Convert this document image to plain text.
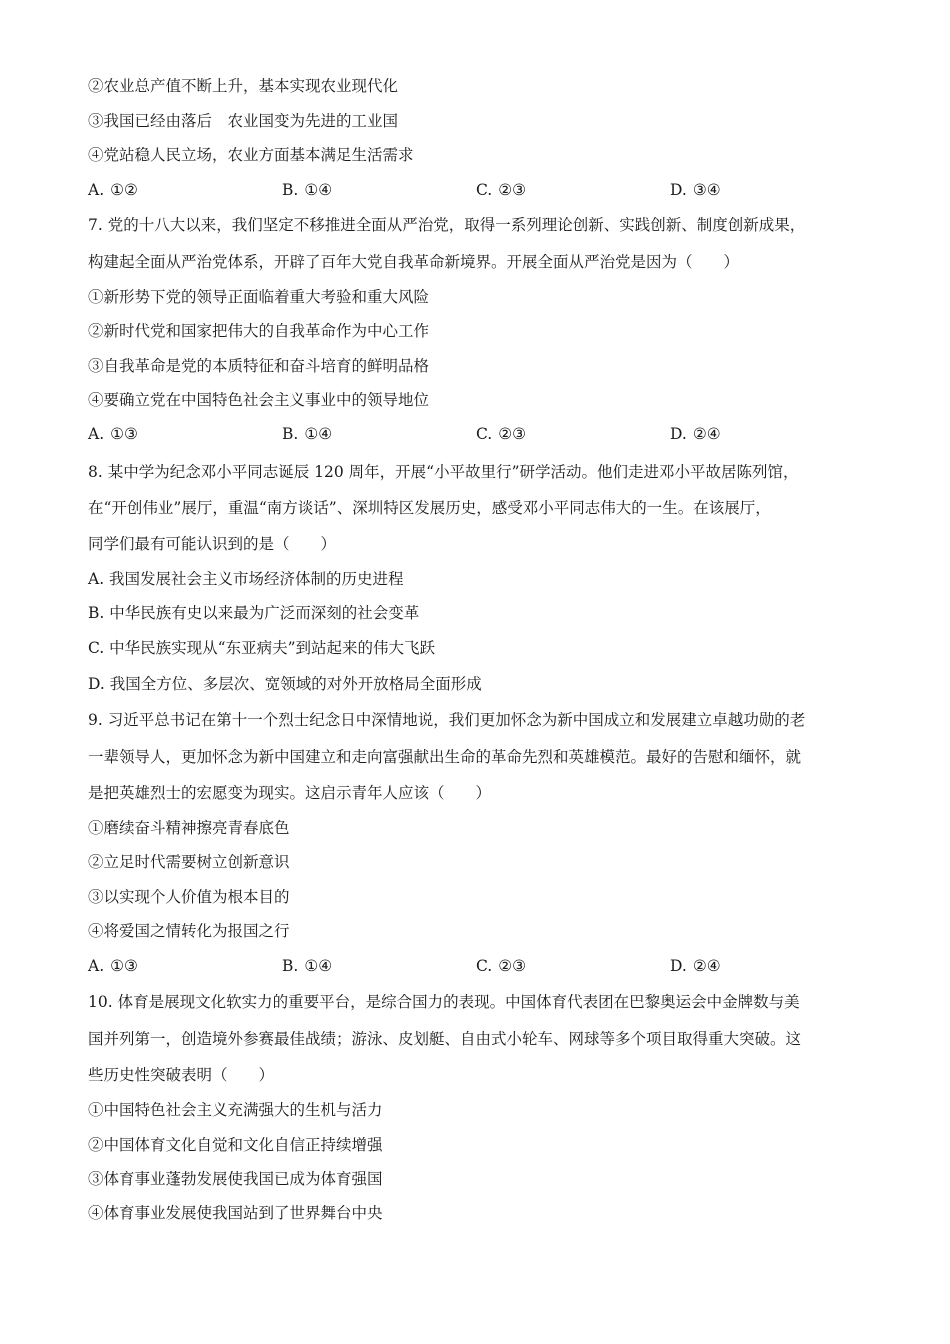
②农业总产值不断上升，基本实现农业现代化
③我国已经由落后　农业国变为先进的工业国
④党站稳人民立场，农业方面基本满足生活需求
A. ①②	B. ①④	C. ②③	D. ③④
7. 党的十八大以来，我们坚定不移推进全面从严治党，取得一系列理论创新、实践创新、制度创新成果，
构建起全面从严治党体系，开辟了百年大党自我革命新境界。开展全面从严治党是因为（　　）
①新形势下党的领导正面临着重大考验和重大风险
②新时代党和国家把伟大的自我革命作为中心工作
③自我革命是党的本质特征和奋斗培育的鲜明品格
④要确立党在中国特色社会主义事业中的领导地位
A. ①③	B. ①④	C. ②③	D. ②④
8. 某中学为纪念邓小平同志诞辰 120 周年，开展“小平故里行”研学活动。他们走进邓小平故居陈列馆，
在“开创伟业”展厅，重温“南方谈话”、深圳特区发展历史，感受邓小平同志伟大的一生。在该展厅，
同学们最有可能认识到的是（　　）
A. 我国发展社会主义市场经济体制的历史进程
B. 中华民族有史以来最为广泛而深刻的社会变革
C. 中华民族实现从“东亚病夫”到站起来的伟大飞跃
D. 我国全方位、多层次、宽领域的对外开放格局全面形成
9. 习近平总书记在第十一个烈士纪念日中深情地说，我们更加怀念为新中国成立和发展建立卓越功勋的老
一辈领导人，更加怀念为新中国建立和走向富强献出生命的革命先烈和英雄模范。最好的告慰和缅怀，就
是把英雄烈士的宏愿变为现实。这启示青年人应该（　　）
①磨续奋斗精神擦亮青春底色
②立足时代需要树立创新意识
③以实现个人价值为根本目的
④将爱国之情转化为报国之行
A. ①③	B. ①④	C. ②③	D. ②④
10. 体育是展现文化软实力的重要平台，是综合国力的表现。中国体育代表团在巴黎奥运会中金牌数与美
国并列第一，创造境外参赛最佳战绩；游泳、皮划艇、自由式小轮车、网球等多个项目取得重大突破。这
些历史性突破表明（　　）
①中国特色社会主义充满强大的生机与活力
②中国体育文化自觉和文化自信正持续增强
③体育事业蓬勃发展使我国已成为体育强国
④体育事业发展使我国站到了世界舞台中央
